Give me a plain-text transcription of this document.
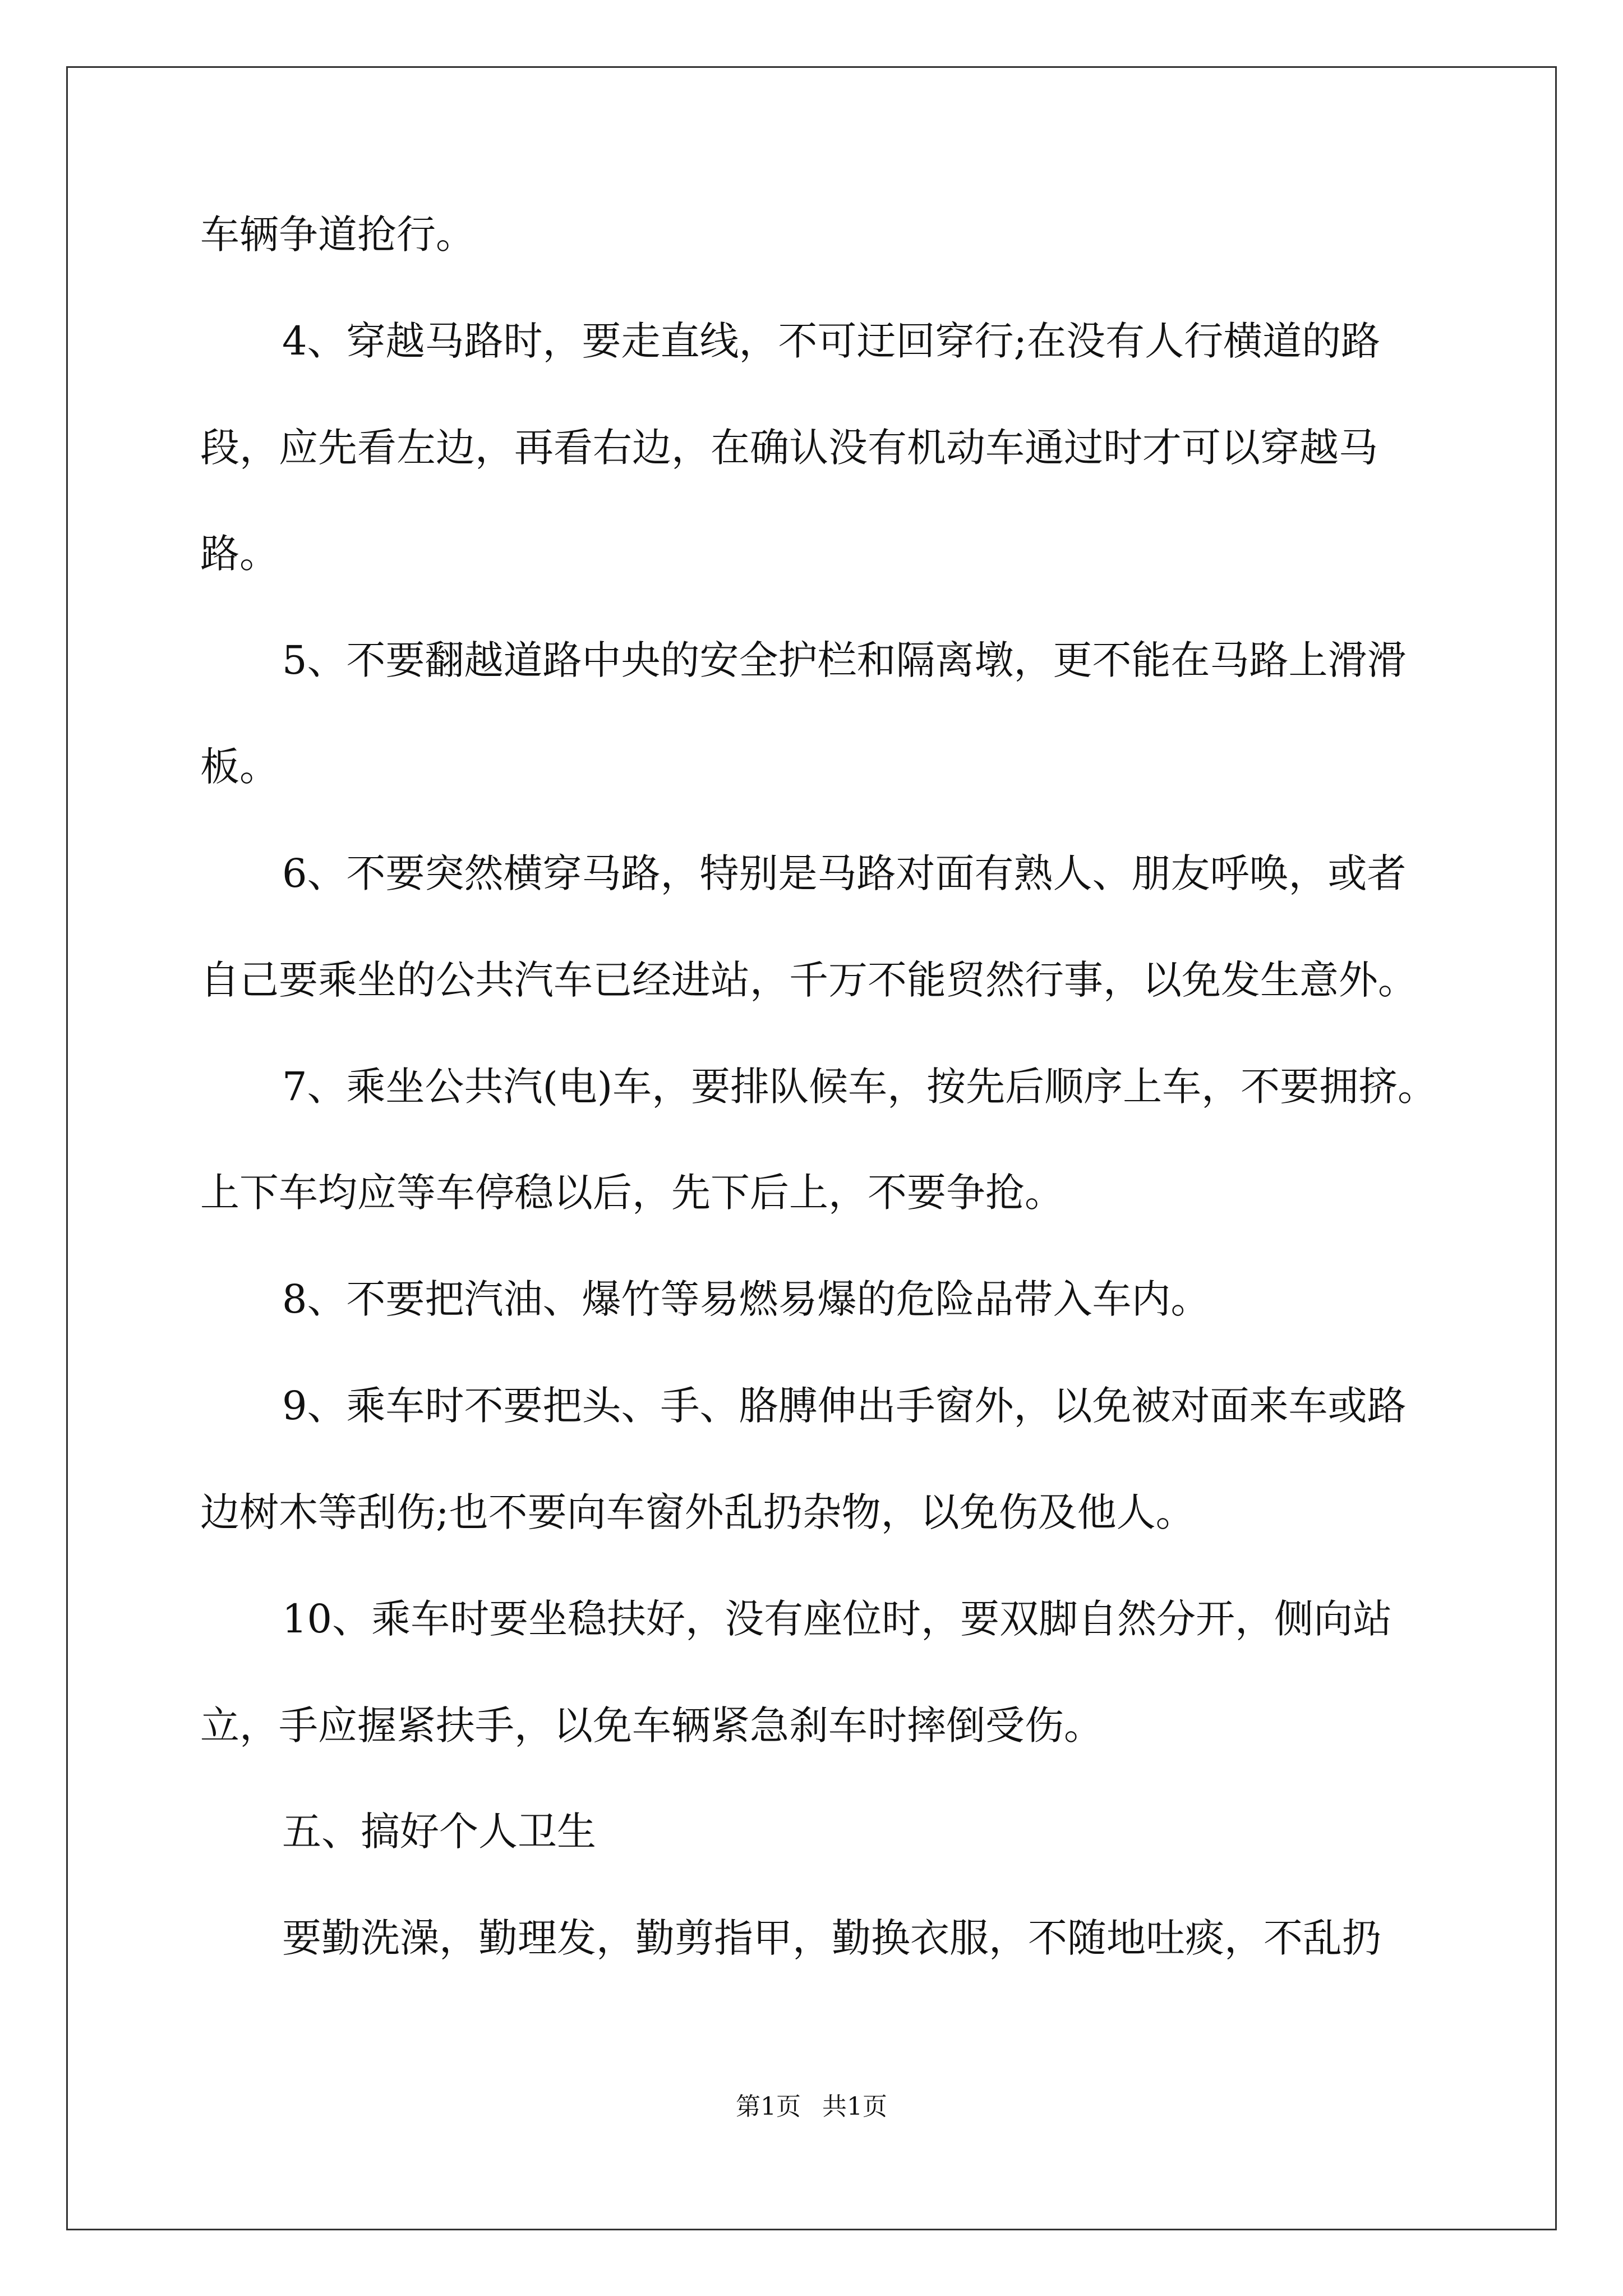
车辆争道抢行。
4、穿越马路时，要走直线，不可迂回穿行;在没有人行横道的路
段，应先看左边，再看右边，在确认没有机动车通过时才可以穿越马
路。
5、不要翻越道路中央的安全护栏和隔离墩，更不能在马路上滑滑
板。
6、不要突然横穿马路，特别是马路对面有熟人、朋友呼唤，或者
自己要乘坐的公共汽车已经进站，千万不能贸然行事，以免发生意外。
7、乘坐公共汽(电)车，要排队候车，按先后顺序上车，不要拥挤。
上下车均应等车停稳以后，先下后上，不要争抢。
8、不要把汽油、爆竹等易燃易爆的危险品带入车内。
9、乘车时不要把头、手、胳膊伸出手窗外，以免被对面来车或路
边树木等刮伤;也不要向车窗外乱扔杂物，以免伤及他人。
10、乘车时要坐稳扶好，没有座位时，要双脚自然分开，侧向站
立，手应握紧扶手，以免车辆紧急刹车时摔倒受伤。
五、搞好个人卫生
要勤洗澡，勤理发，勤剪指甲，勤换衣服，不随地吐痰，不乱扔
第1页 共1页
